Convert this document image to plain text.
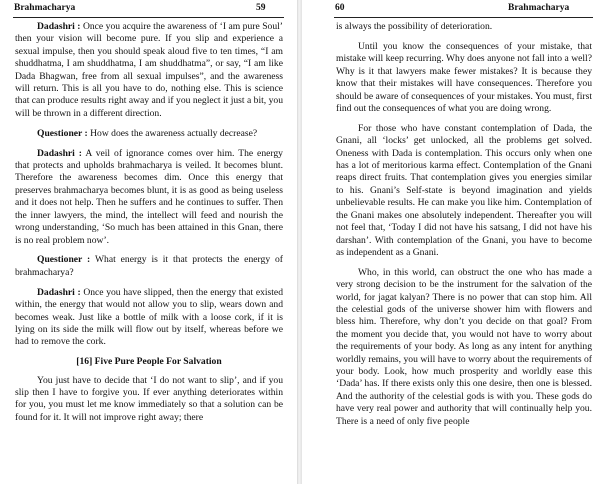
Brahmacharya	59

Dadashri : Once you acquire the awareness of ‘I am pure Soul’ then your vision will become pure. If you slip and experience a sexual impulse, then you should speak aloud five to ten times, “I am shuddhatma, I am shuddhatma, I am shuddhatma”, or say, “I am like Dada Bhagwan, free from all sexual impulses”, and the awareness will return. This is all you have to do, nothing else. This is science that can produce results right away and if you neglect it just a bit, you will be thrown in a different direction.

Questioner : How does the awareness actually decrease?

Dadashri : A veil of ignorance comes over him. The energy that protects and upholds brahmacharya is veiled. It becomes blunt. Therefore the awareness becomes dim. Once this energy that preserves brahmacharya becomes blunt, it is as good as being useless and it does not help. Then he suffers and he continues to suffer. Then the inner lawyers, the mind, the intellect will feed and nourish the wrong understanding, ‘So much has been attained in this Gnan, there is no real problem now’.

Questioner : What energy is it that protects the energy of brahmacharya?

Dadashri : Once you have slipped, then the energy that existed within, the energy that would not allow you to slip, wears down and becomes weak. Just like a bottle of milk with a loose cork, if it is lying on its side the milk will flow out by itself, whereas before we had to remove the cork.

[16] Five Pure People For Salvation

You just have to decide that ‘I do not want to slip’, and if you slip then I have to forgive you. If ever anything deteriorates within for you, you must let me know immediately so that a solution can be found for it. It will not improve right away; there

60	Brahmacharya

is always the possibility of deterioration.

Until you know the consequences of your mistake, that mistake will keep recurring. Why does anyone not fall into a well? Why is it that lawyers make fewer mistakes? It is because they know that their mistakes will have consequences. Therefore you should be aware of consequences of your mistakes. You must, first find out the consequences of what you are doing wrong.

For those who have constant contemplation of Dada, the Gnani, all ‘locks’ get unlocked, all the problems get solved. Oneness with Dada is contemplation. This occurs only when one has a lot of meritorious karma effect. Contemplation of the Gnani reaps direct fruits. That contemplation gives you energies similar to his. Gnani’s Self-state is beyond imagination and yields unbelievable results. He can make you like him. Contemplation of the Gnani makes one absolutely independent. Thereafter you will not feel that, ‘Today I did not have his satsang, I did not have his darshan’. With contemplation of the Gnani, you have to become as independent as a Gnani.

Who, in this world, can obstruct the one who has made a very strong decision to be the instrument for the salvation of the world, for jagat kalyan? There is no power that can stop him. All the celestial gods of the universe shower him with flowers and bless him. Therefore, why don’t you decide on that goal? From the moment you decide that, you would not have to worry about the requirements of your body. As long as any intent for anything worldly remains, you will have to worry about the requirements of your body. Look, how much prosperity and worldly ease this ‘Dada’ has. If there exists only this one desire, then one is blessed. And the authority of the celestial gods is with you. These gods do have very real power and authority that will continually help you. There is a need of only five people
